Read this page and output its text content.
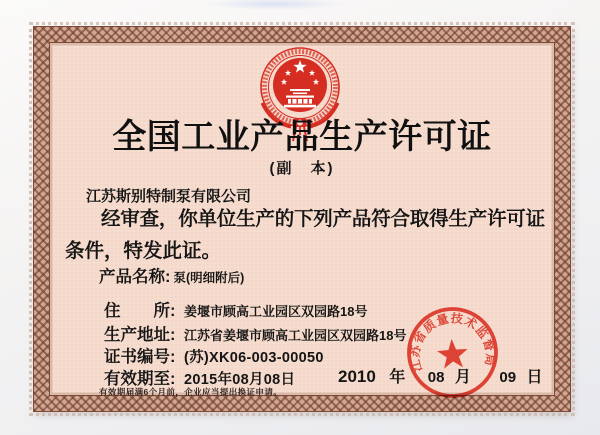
全国工业产品生产许可证
(副　本)
江苏斯别特制泵有限公司
经审查，你单位生产的下列产品符合取得生产许可证
条件，特发此证。
产品名称: 泵(明细附后)
住　　所: 姜堰市顾高工业园区双园路18号
生产地址: 江苏省姜堰市顾高工业园区双园路18号
证书编号: (苏)XK06-003-00050
有效期至: 2015年08月08日
有效期届满6个月前，企业应当提出换证申请。
2010 年 08 月 09 日
江苏省质量技术监督局
